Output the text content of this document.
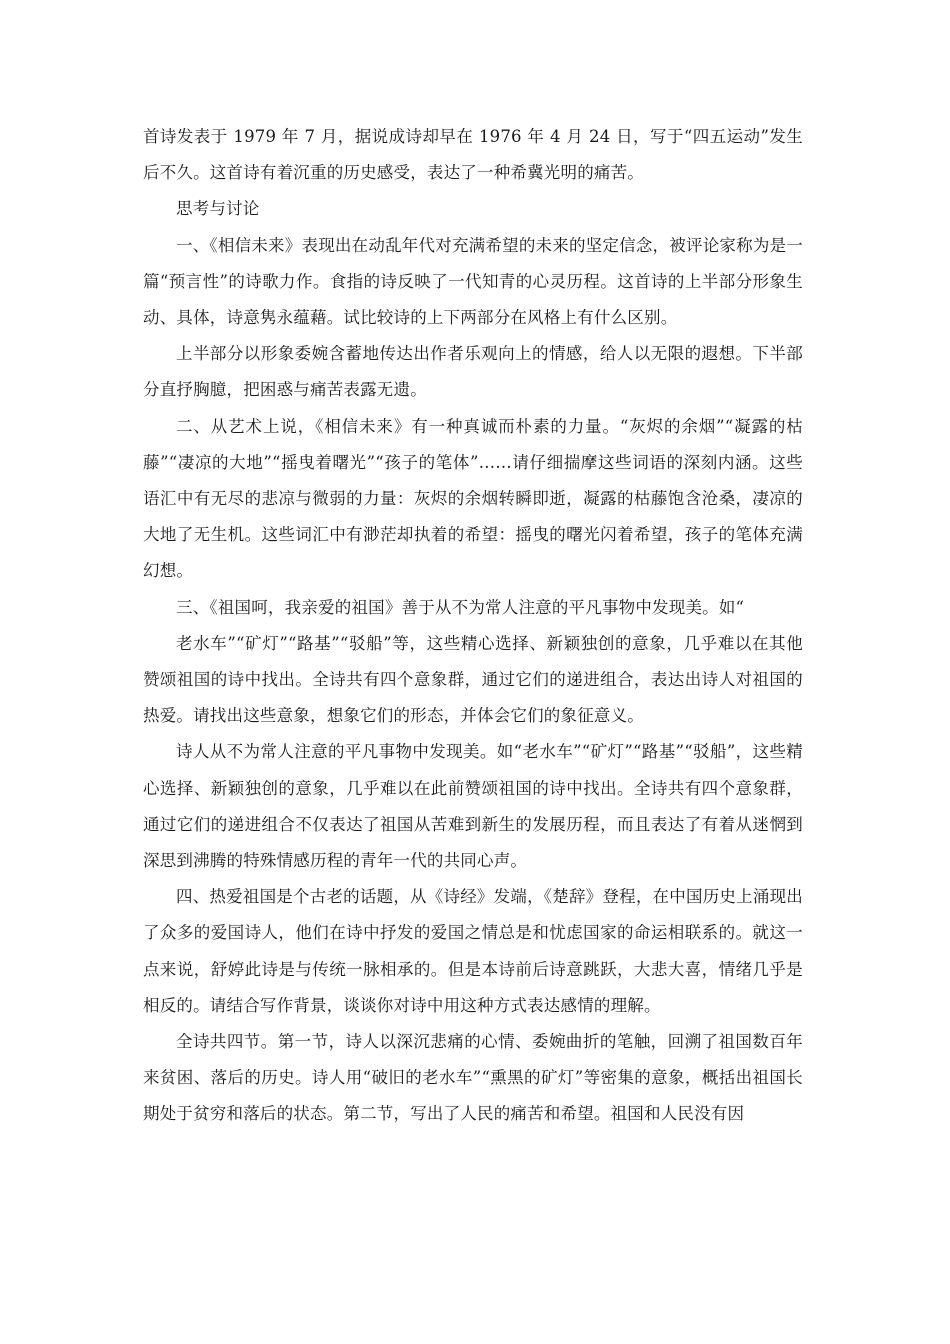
首诗发表于 1979 年 7 月，据说成诗却早在 1976 年 4 月 24 日，写于“四五运动”发生后不久。这首诗有着沉重的历史感受，表达了一种希冀光明的痛苦。

思考与讨论

一、《相信未来》表现出在动乱年代对充满希望的未来的坚定信念，被评论家称为是一篇“预言性”的诗歌力作。食指的诗反映了一代知青的心灵历程。这首诗的上半部分形象生动、具体，诗意隽永蕴藉。试比较诗的上下两部分在风格上有什么区别。

上半部分以形象委婉含蓄地传达出作者乐观向上的情感，给人以无限的遐想。下半部分直抒胸臆，把困惑与痛苦表露无遗。

二、从艺术上说，《相信未来》有一种真诚而朴素的力量。“灰烬的余烟”“凝露的枯藤”“凄凉的大地”“摇曳着曙光”“孩子的笔体”……请仔细揣摩这些词语的深刻内涵。这些语汇中有无尽的悲凉与微弱的力量：灰烬的余烟转瞬即逝，凝露的枯藤饱含沧桑，凄凉的大地了无生机。这些词汇中有渺茫却执着的希望：摇曳的曙光闪着希望，孩子的笔体充满幻想。

三、《祖国呵，我亲爱的祖国》善于从不为常人注意的平凡事物中发现美。如“

老水车”“矿灯”“路基”“驳船”等，这些精心选择、新颖独创的意象，几乎难以在其他赞颂祖国的诗中找出。全诗共有四个意象群，通过它们的递进组合，表达出诗人对祖国的热爱。请找出这些意象，想象它们的形态，并体会它们的象征意义。

诗人从不为常人注意的平凡事物中发现美。如“老水车”“矿灯”“路基”“驳船”，这些精心选择、新颖独创的意象，几乎难以在此前赞颂祖国的诗中找出。全诗共有四个意象群，通过它们的递进组合不仅表达了祖国从苦难到新生的发展历程，而且表达了有着从迷惘到深思到沸腾的特殊情感历程的青年一代的共同心声。

四、热爱祖国是个古老的话题，从《诗经》发端，《楚辞》登程，在中国历史上涌现出了众多的爱国诗人，他们在诗中抒发的爱国之情总是和忧虑国家的命运相联系的。就这一点来说，舒婷此诗是与传统一脉相承的。但是本诗前后诗意跳跃，大悲大喜，情绪几乎是相反的。请结合写作背景，谈谈你对诗中用这种方式表达感情的理解。

全诗共四节。第一节，诗人以深沉悲痛的心情、委婉曲折的笔触，回溯了祖国数百年来贫困、落后的历史。诗人用“破旧的老水车”“熏黑的矿灯”等密集的意象，概括出祖国长期处于贫穷和落后的状态。第二节，写出了人民的痛苦和希望。祖国和人民没有因
